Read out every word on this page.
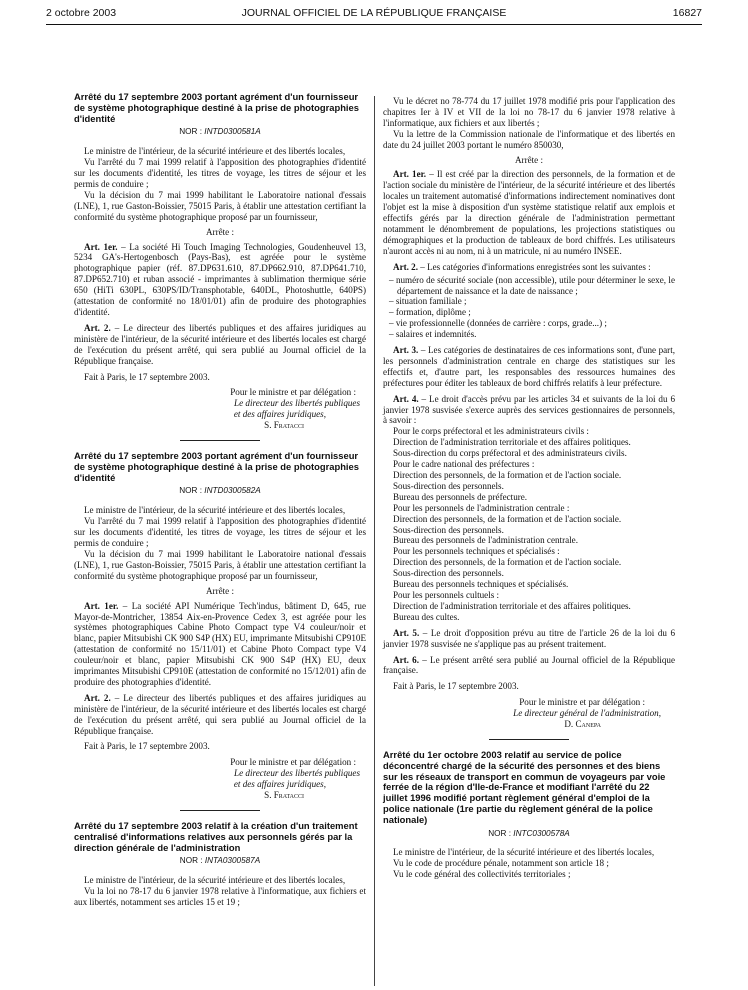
2 octobre 2003	JOURNAL OFFICIEL DE LA RÉPUBLIQUE FRANÇAISE	16827
Arrêté du 17 septembre 2003 portant agrément d'un fournisseur de système photographique destiné à la prise de photographies d'identité
NOR : INTD0300581A

Le ministre de l'intérieur, de la sécurité intérieure et des libertés locales,

Vu l'arrêté du 7 mai 1999 relatif à l'apposition des photographies d'identité sur les documents d'identité, les titres de voyage, les titres de séjour et les permis de conduire ;

Vu la décision du 7 mai 1999 habilitant le Laboratoire national d'essais (LNE), 1, rue Gaston-Boissier, 75015 Paris, à établir une attestation certifiant la conformité du système photographique proposé par un fournisseur,

Arrête :

Art. 1er. – La société Hi Touch Imaging Technologies, Goudenheuvel 13, 5234 GA's-Hertogenbosch (Pays-Bas), est agréée pour le système photographique papier (réf. 87.DP631.610, 87.DP662.910, 87.DP641.710, 87.DP652.710) et ruban associé - imprimantes à sublimation thermique série 650 (HiTi 630PL, 630PS/ID/Transphotable, 640DL, Photoshuttle, 640PS) (attestation de conformité no 18/01/01) afin de produire des photographies d'identité.

Art. 2. – Le directeur des libertés publiques et des affaires juridiques au ministère de l'intérieur, de la sécurité intérieure et des libertés locales est chargé de l'exécution du présent arrêté, qui sera publié au Journal officiel de la République française.

Fait à Paris, le 17 septembre 2003.

Pour le ministre et par délégation :

Le directeur des libertés publiques

et des affaires juridiques,

S. Fratacci

Arrêté du 17 septembre 2003 portant agrément d'un fournisseur de système photographique destiné à la prise de photographies d'identité
NOR : INTD0300582A

Le ministre de l'intérieur, de la sécurité intérieure et des libertés locales,

Vu l'arrêté du 7 mai 1999 relatif à l'apposition des photographies d'identité sur les documents d'identité, les titres de voyage, les titres de séjour et les permis de conduire ;

Vu la décision du 7 mai 1999 habilitant le Laboratoire national d'essais (LNE), 1, rue Gaston-Boissier, 75015 Paris, à établir une attestation certifiant la conformité du système photographique proposé par un fournisseur,

Arrête :

Art. 1er. – La société API Numérique Tech'indus, bâtiment D, 645, rue Mayor-de-Montricher, 13854 Aix-en-Provence Cedex 3, est agréée pour les systèmes photographiques Cabine Photo Compact type V4 couleur/noir et blanc, papier Mitsubishi CK 900 S4P (HX) EU, imprimante Mitsubishi CP910E (attestation de conformité no 15/11/01) et Cabine Photo Compact type V4 couleur/noir et blanc, papier Mitsubishi CK 900 S4P (HX) EU, deux imprimantes Mitsubishi CP910E (attestation de conformité no 15/12/01) afin de produire des photographies d'identité.

Art. 2. – Le directeur des libertés publiques et des affaires juridiques au ministère de l'intérieur, de la sécurité intérieure et des libertés locales est chargé de l'exécution du présent arrêté, qui sera publié au Journal officiel de la République française.

Fait à Paris, le 17 septembre 2003.

Pour le ministre et par délégation :

Le directeur des libertés publiques

et des affaires juridiques,

S. Fratacci

Arrêté du 17 septembre 2003 relatif à la création d'un traitement centralisé d'informations relatives aux personnels gérés par la direction générale de l'administration
NOR : INTA0300587A

Le ministre de l'intérieur, de la sécurité intérieure et des libertés locales,

Vu la loi no 78-17 du 6 janvier 1978 relative à l'informatique, aux fichiers et aux libertés, notamment ses articles 15 et 19 ;

Vu le décret no 78-774 du 17 juillet 1978 modifié pris pour l'application des chapitres Ier à IV et VII de la loi no 78-17 du 6 janvier 1978 relative à l'informatique, aux fichiers et aux libertés ;

Vu la lettre de la Commission nationale de l'informatique et des libertés en date du 24 juillet 2003 portant le numéro 850030,

Arrête :

Art. 1er. – Il est créé par la direction des personnels, de la formation et de l'action sociale du ministère de l'intérieur, de la sécurité intérieure et des libertés locales un traitement automatisé d'informations indirectement nominatives dont l'objet est la mise à disposition d'un système statistique relatif aux emplois et effectifs gérés par la direction générale de l'administration permettant notamment le dénombrement de populations, les projections statistiques ou démographiques et la production de tableaux de bord chiffrés. Les utilisateurs n'auront accès ni au nom, ni à un matricule, ni au numéro INSEE.

Art. 2. – Les catégories d'informations enregistrées sont les suivantes :

– numéro de sécurité sociale (non accessible), utile pour déterminer le sexe, le département de naissance et la date de naissance ;

– situation familiale ;

– formation, diplôme ;

– vie professionnelle (données de carrière : corps, grade...) ;

– salaires et indemnités.

Art. 3. – Les catégories de destinataires de ces informations sont, d'une part, les personnels d'administration centrale en charge des statistiques sur les effectifs et, d'autre part, les responsables des ressources humaines des préfectures pour éditer les tableaux de bord chiffrés relatifs à leur préfecture.

Art. 4. – Le droit d'accès prévu par les articles 34 et suivants de la loi du 6 janvier 1978 susvisée s'exerce auprès des services gestionnaires de personnels, à savoir :

Pour le corps préfectoral et les administrateurs civils :

Direction de l'administration territoriale et des affaires politiques.

Sous-direction du corps préfectoral et des administrateurs civils.

Pour le cadre national des préfectures :

Direction des personnels, de la formation et de l'action sociale.

Sous-direction des personnels.

Bureau des personnels de préfecture.

Pour les personnels de l'administration centrale :

Direction des personnels, de la formation et de l'action sociale.

Sous-direction des personnels.

Bureau des personnels de l'administration centrale.

Pour les personnels techniques et spécialisés :

Direction des personnels, de la formation et de l'action sociale.

Sous-direction des personnels.

Bureau des personnels techniques et spécialisés.

Pour les personnels cultuels :

Direction de l'administration territoriale et des affaires politiques.

Bureau des cultes.

Art. 5. – Le droit d'opposition prévu au titre de l'article 26 de la loi du 6 janvier 1978 susvisée ne s'applique pas au présent traitement.

Art. 6. – Le présent arrêté sera publié au Journal officiel de la République française.

Fait à Paris, le 17 septembre 2003.

Pour le ministre et par délégation :

Le directeur général de l'administration,

D. Canepa

Arrêté du 1er octobre 2003 relatif au service de police déconcentré chargé de la sécurité des personnes et des biens sur les réseaux de transport en commun de voyageurs par voie ferrée de la région d'Ile-de-France et modifiant l'arrêté du 22 juillet 1996 modifié portant règlement général d'emploi de la police nationale (1re partie du règlement général de la police nationale)
NOR : INTC0300578A

Le ministre de l'intérieur, de la sécurité intérieure et des libertés locales,

Vu le code de procédure pénale, notamment son article 18 ;

Vu le code général des collectivités territoriales ;
